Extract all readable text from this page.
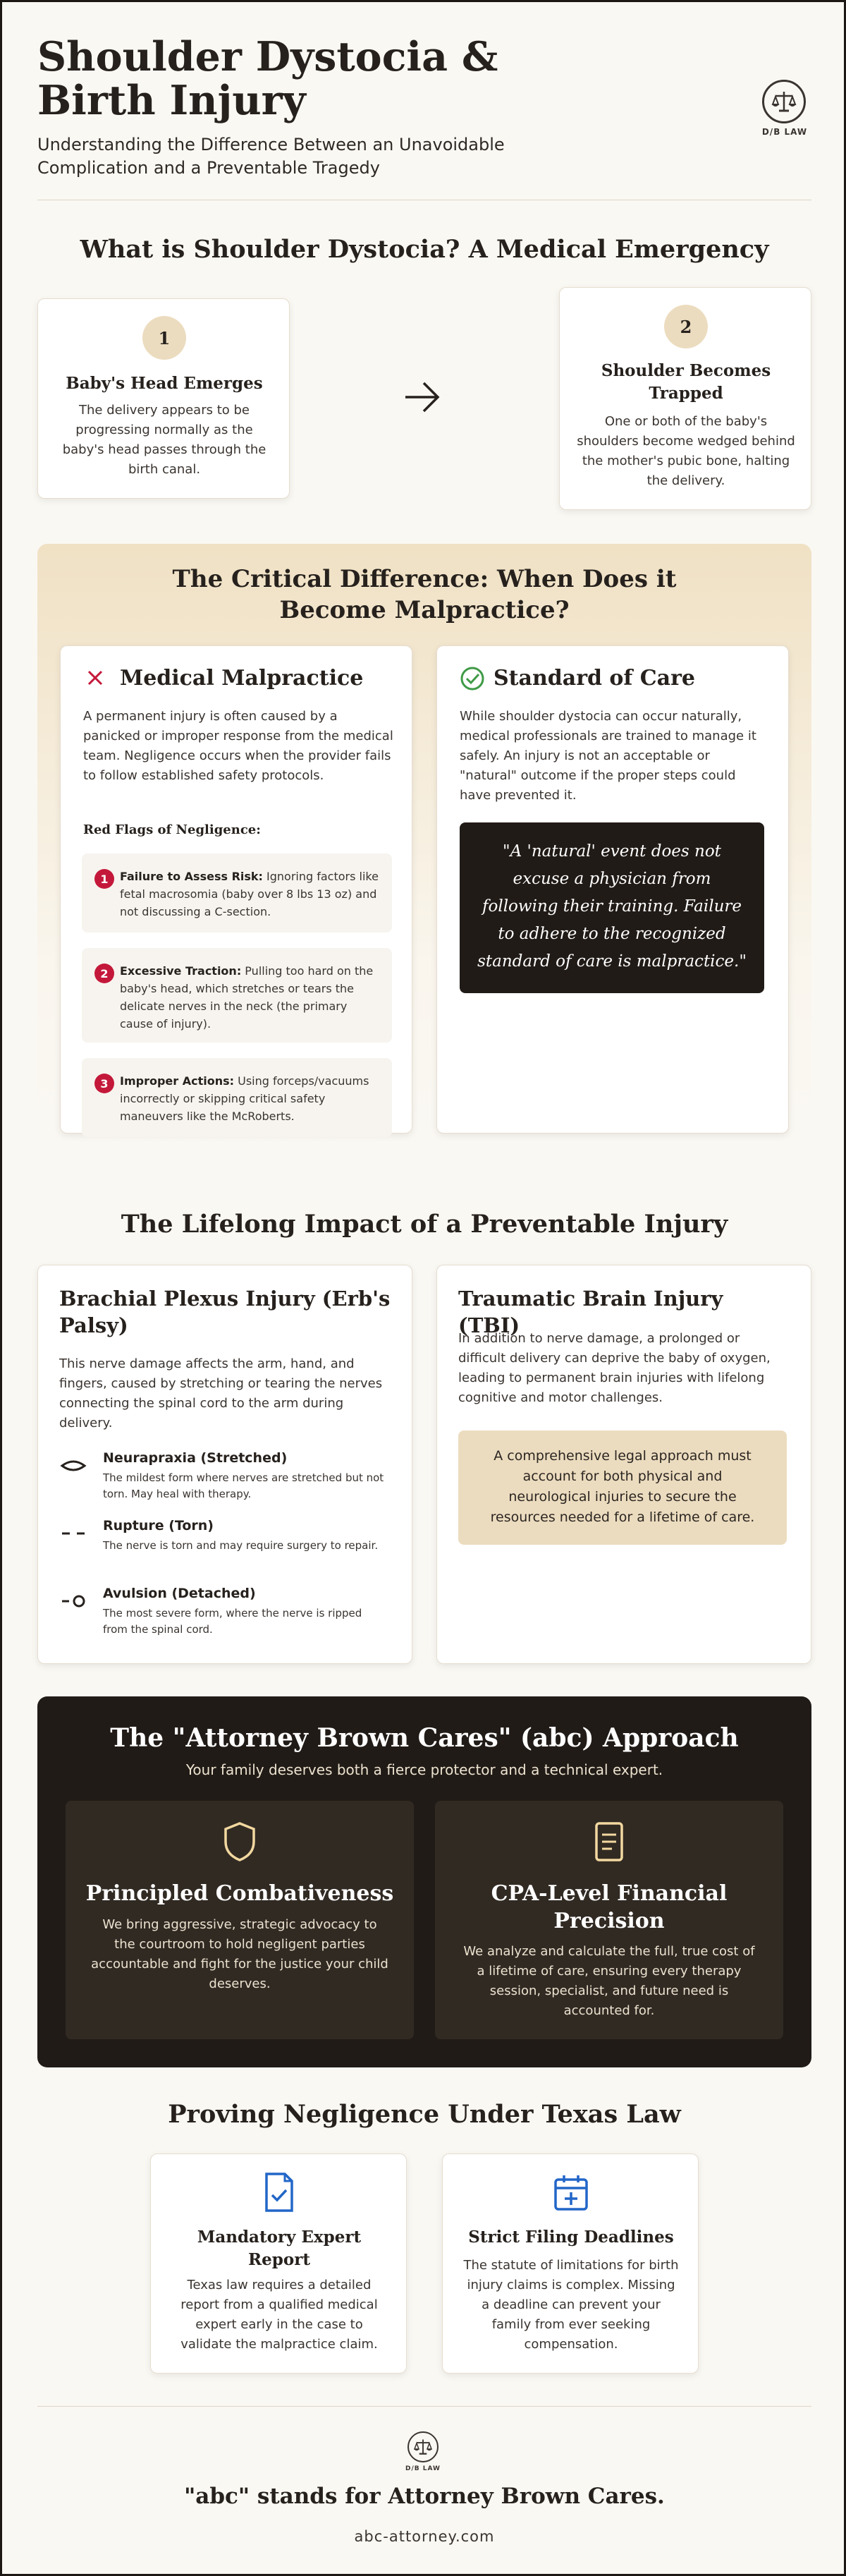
Shoulder Dystocia & Birth Injury

Understanding the Difference Between an Unavoidable Complication and a Preventable Tragedy

D/B LAW
What is Shoulder Dystocia? A Medical Emergency
1
Baby's Head Emerges
The delivery appears to be progressing normally as the baby's head passes through the birth canal.
2
Shoulder Becomes Trapped
One or both of the baby's shoulders become wedged behind the mother's pubic bone, halting the delivery.
The Critical Difference: When Does it Become Malpractice?
Medical Malpractice
A permanent injury is often caused by a panicked or improper response from the medical team. Negligence occurs when the provider fails to follow established safety protocols.
Red Flags of Negligence:
1	Failure to Assess Risk: Ignoring factors like fetal macrosomia (baby over 8 lbs 13 oz) and not discussing a C-section.
2	Excessive Traction: Pulling too hard on the baby's head, which stretches or tears the delicate nerves in the neck (the primary cause of injury).
3	Improper Actions: Using forceps/vacuums incorrectly or skipping critical safety maneuvers like the McRoberts.
Standard of Care
While shoulder dystocia can occur naturally, medical professionals are trained to manage it safely. An injury is not an acceptable or "natural" outcome if the proper steps could have prevented it.
"A 'natural' event does not excuse a physician from following their training. Failure to adhere to the recognized standard of care is malpractice."
The Lifelong Impact of a Preventable Injury
Brachial Plexus Injury (Erb's Palsy)
This nerve damage affects the arm, hand, and fingers, caused by stretching or tearing the nerves connecting the spinal cord to the arm during delivery.
Neurapraxia (Stretched)
The mildest form where nerves are stretched but not torn. May heal with therapy.
Rupture (Torn)
The nerve is torn and may require surgery to repair.
Avulsion (Detached)
The most severe form, where the nerve is ripped from the spinal cord.
Traumatic Brain Injury (TBI)
In addition to nerve damage, a prolonged or difficult delivery can deprive the baby of oxygen, leading to permanent brain injuries with lifelong cognitive and motor challenges.
A comprehensive legal approach must account for both physical and neurological injuries to secure the resources needed for a lifetime of care.
The "Attorney Brown Cares" (abc) Approach
Your family deserves both a fierce protector and a technical expert.
Principled Combativeness
We bring aggressive, strategic advocacy to the courtroom to hold negligent parties accountable and fight for the justice your child deserves.
CPA-Level Financial Precision
We analyze and calculate the full, true cost of a lifetime of care, ensuring every therapy session, specialist, and future need is accounted for.
Proving Negligence Under Texas Law
Mandatory Expert Report
Texas law requires a detailed report from a qualified medical expert early in the case to validate the malpractice claim.
Strict Filing Deadlines
The statute of limitations for birth injury claims is complex. Missing a deadline can prevent your family from ever seeking compensation.
D/B LAW
"abc" stands for Attorney Brown Cares.
abc-attorney.com
